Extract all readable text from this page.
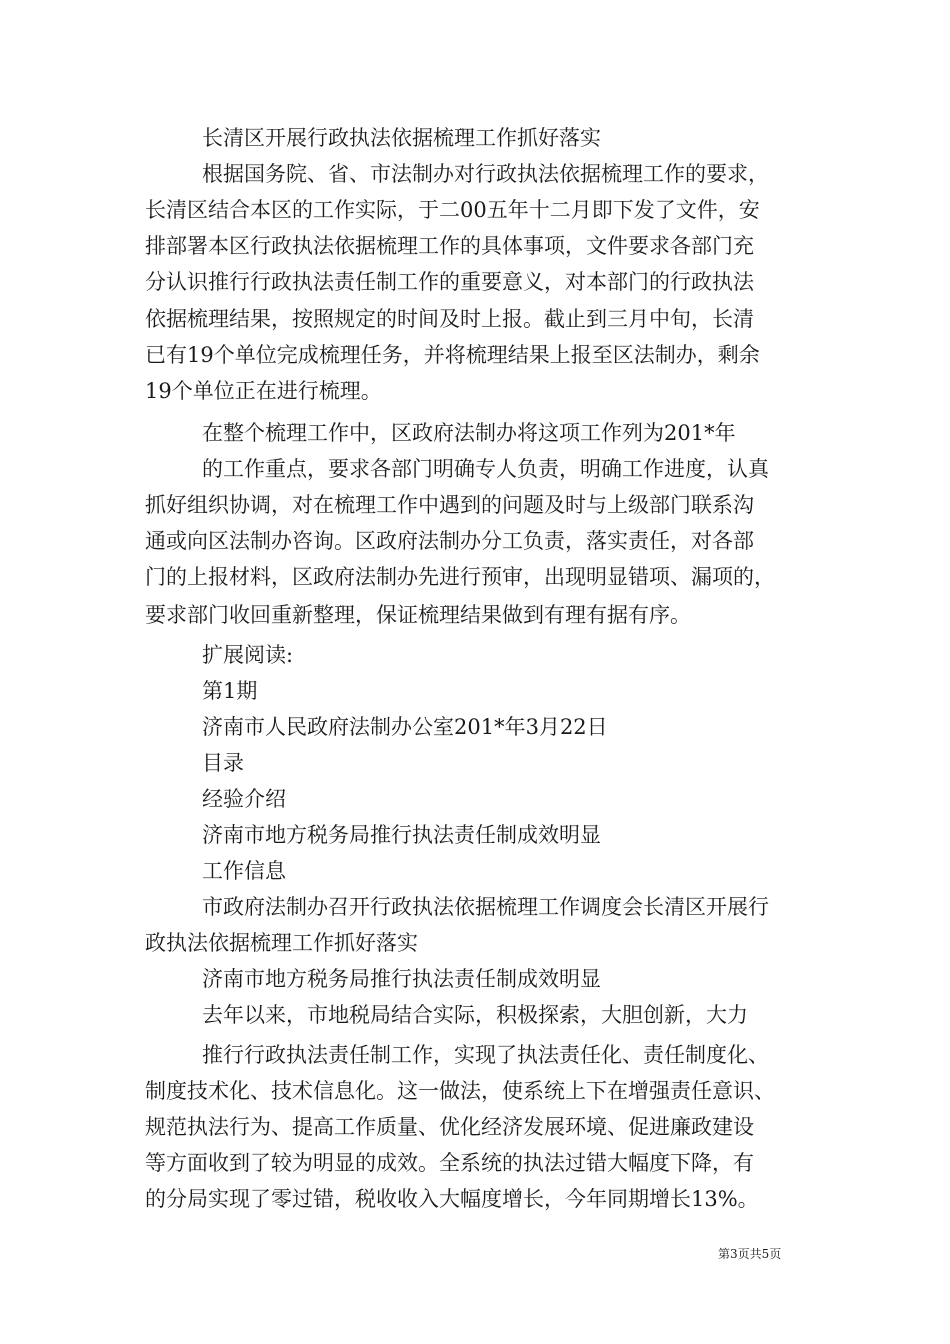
长清区开展行政执法依据梳理工作抓好落实
根据国务院、省、市法制办对行政执法依据梳理工作的要求，
长清区结合本区的工作实际，于二00五年十二月即下发了文件，安
排部署本区行政执法依据梳理工作的具体事项，文件要求各部门充
分认识推行行政执法责任制工作的重要意义，对本部门的行政执法
依据梳理结果，按照规定的时间及时上报。截止到三月中旬，长清
已有19个单位完成梳理任务，并将梳理结果上报至区法制办，剩余
19个单位正在进行梳理。
在整个梳理工作中，区政府法制办将这项工作列为201*年
的工作重点，要求各部门明确专人负责，明确工作进度，认真
抓好组织协调，对在梳理工作中遇到的问题及时与上级部门联系沟
通或向区法制办咨询。区政府法制办分工负责，落实责任，对各部
门的上报材料，区政府法制办先进行预审，出现明显错项、漏项的，
要求部门收回重新整理，保证梳理结果做到有理有据有序。
扩展阅读:
第1期
济南市人民政府法制办公室201*年3月22日
目录
经验介绍
济南市地方税务局推行执法责任制成效明显
工作信息
市政府法制办召开行政执法依据梳理工作调度会长清区开展行
政执法依据梳理工作抓好落实
济南市地方税务局推行执法责任制成效明显
去年以来，市地税局结合实际，积极探索，大胆创新，大力
推行行政执法责任制工作，实现了执法责任化、责任制度化、
制度技术化、技术信息化。这一做法，使系统上下在增强责任意识、
规范执法行为、提高工作质量、优化经济发展环境、促进廉政建设
等方面收到了较为明显的成效。全系统的执法过错大幅度下降，有
的分局实现了零过错，税收收入大幅度增长，今年同期增长13%。
第3页共5页
